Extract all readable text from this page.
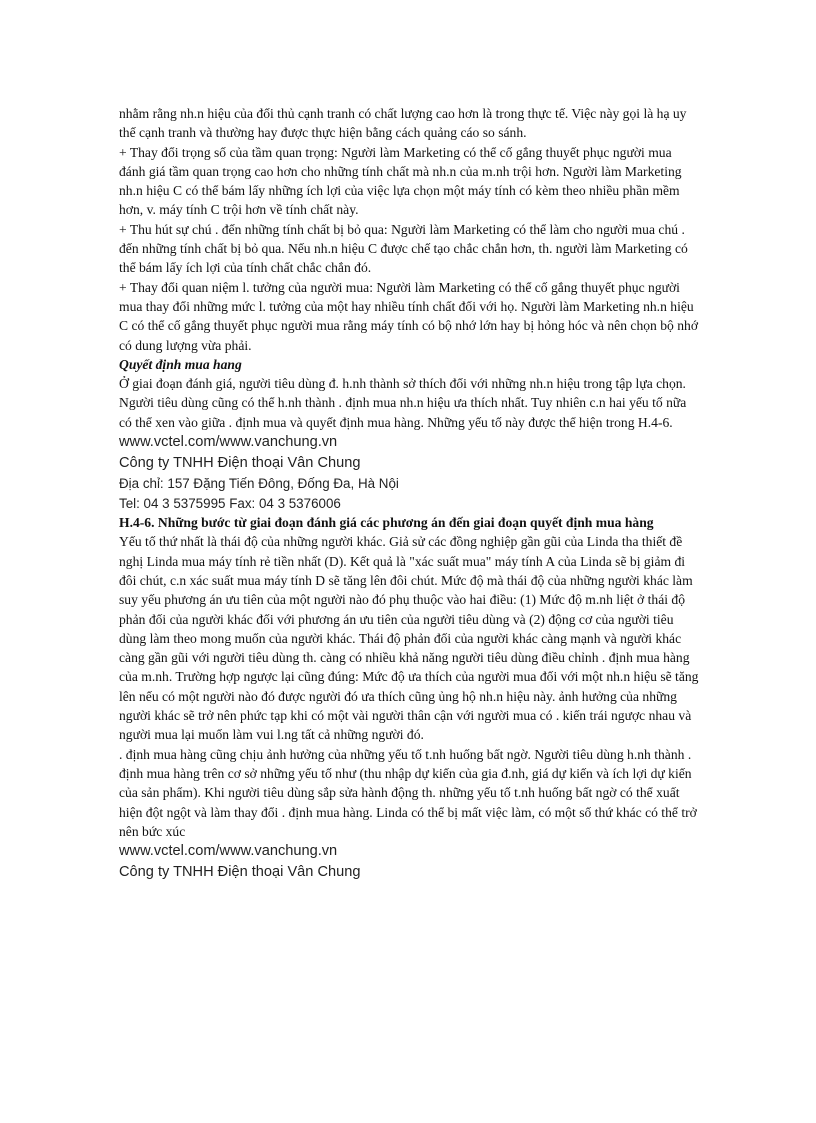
nhằm rằng nh.n hiệu của đối thủ cạnh tranh có chất lượng cao hơn là trong thực tế. Việc này gọi là hạ uy thế cạnh tranh và thường hay được thực hiện bằng cách quảng cáo so sánh.

+ Thay đổi trọng số của tầm quan trọng: Người làm Marketing có thể cố gắng thuyết phục người mua đánh giá tầm quan trọng cao hơn cho những tính chất mà nh.n của m.nh trội hơn. Người làm Marketing nh.n hiệu C có thể bám lấy những ích lợi của việc lựa chọn một máy tính có kèm theo nhiều phần mềm hơn, v. máy tính C trội hơn về tính chất này.

+ Thu hút sự chú . đến những tính chất bị bỏ qua: Người làm Marketing có thể làm cho người mua chú . đến những tính chất bị bỏ qua. Nếu nh.n hiệu C được chế tạo chắc chắn hơn, th. người làm Marketing có thể bám lấy ích lợi của tính chất chắc chắn đó.

+ Thay đổi quan niệm l. tưởng của người mua: Người làm Marketing có thể cố gắng thuyết phục người mua thay đổi những mức l. tưởng của một hay nhiều tính chất đối với họ. Người làm Marketing nh.n hiệu C có thể cố gắng thuyết phục người mua rằng máy tính có bộ nhớ lớn hay bị hỏng hóc và nên chọn bộ nhớ có dung lượng vừa phải.

Quyết định mua hang

Ở giai đoạn đánh giá, người tiêu dùng đ. h.nh thành sở thích đối với những nh.n hiệu trong tập lựa chọn. Người tiêu dùng cũng có thể h.nh thành . định mua nh.n hiệu ưa thích nhất. Tuy nhiên c.n hai yếu tố nữa có thể xen vào giữa . định mua và quyết định mua hàng. Những yếu tố này được thể hiện trong H.4-6.

www.vctel.com/www.vanchung.vn

Công ty TNHH Điện thoại Vân Chung

Địa chỉ: 157 Đặng Tiến Đông, Đống Đa, Hà Nội

Tel: 04 3 5375995 Fax: 04 3 5376006

H.4-6. Những bước từ giai đoạn đánh giá các phương án đến giai đoạn quyết định mua hàng

Yếu tố thứ nhất là thái độ của những người khác. Giả sử các đồng nghiệp gần gũi của Linda tha thiết đề nghị Linda mua máy tính rẻ tiền nhất (D). Kết quả là "xác suất mua" máy tính A của Linda sẽ bị giảm đi đôi chút, c.n xác suất mua máy tính D sẽ tăng lên đôi chút. Mức độ mà thái độ của những người khác làm suy yếu phương án ưu tiên của một người nào đó phụ thuộc vào hai điều: (1) Mức độ m.nh liệt ở thái độ phản đối của người khác đối với phương án ưu tiên của người tiêu dùng và (2) động cơ của người tiêu dùng làm theo mong muốn của người khác. Thái độ phản đối của người khác càng mạnh và người khác càng gần gũi với người tiêu dùng th. càng có nhiều khả năng người tiêu dùng điều chỉnh . định mua hàng của m.nh. Trường hợp ngược lại cũng đúng: Mức độ ưa thích của người mua đối với một nh.n hiệu sẽ tăng lên nếu có một người nào đó được người đó ưa thích cũng ủng hộ nh.n hiệu này. ảnh hưởng của những người khác sẽ trở nên phức tạp khi có một vài người thân cận với người mua có . kiến trái ngược nhau và người mua lại muốn làm vui l.ng tất cả những người đó.

. định mua hàng cũng chịu ảnh hưởng của những yếu tố t.nh huống bất ngờ. Người tiêu dùng h.nh thành . định mua hàng trên cơ sở những yếu tố như (thu nhập dự kiến của gia đ.nh, giá dự kiến và ích lợi dự kiến của sản phẩm). Khi người tiêu dùng sắp sửa hành động th. những yếu tố t.nh huống bất ngờ có thể xuất hiện đột ngột và làm thay đổi . định mua hàng. Linda có thể bị mất việc làm, có một số thứ khác có thể trở nên bức xúc

www.vctel.com/www.vanchung.vn

Công ty TNHH Điện thoại Vân Chung
